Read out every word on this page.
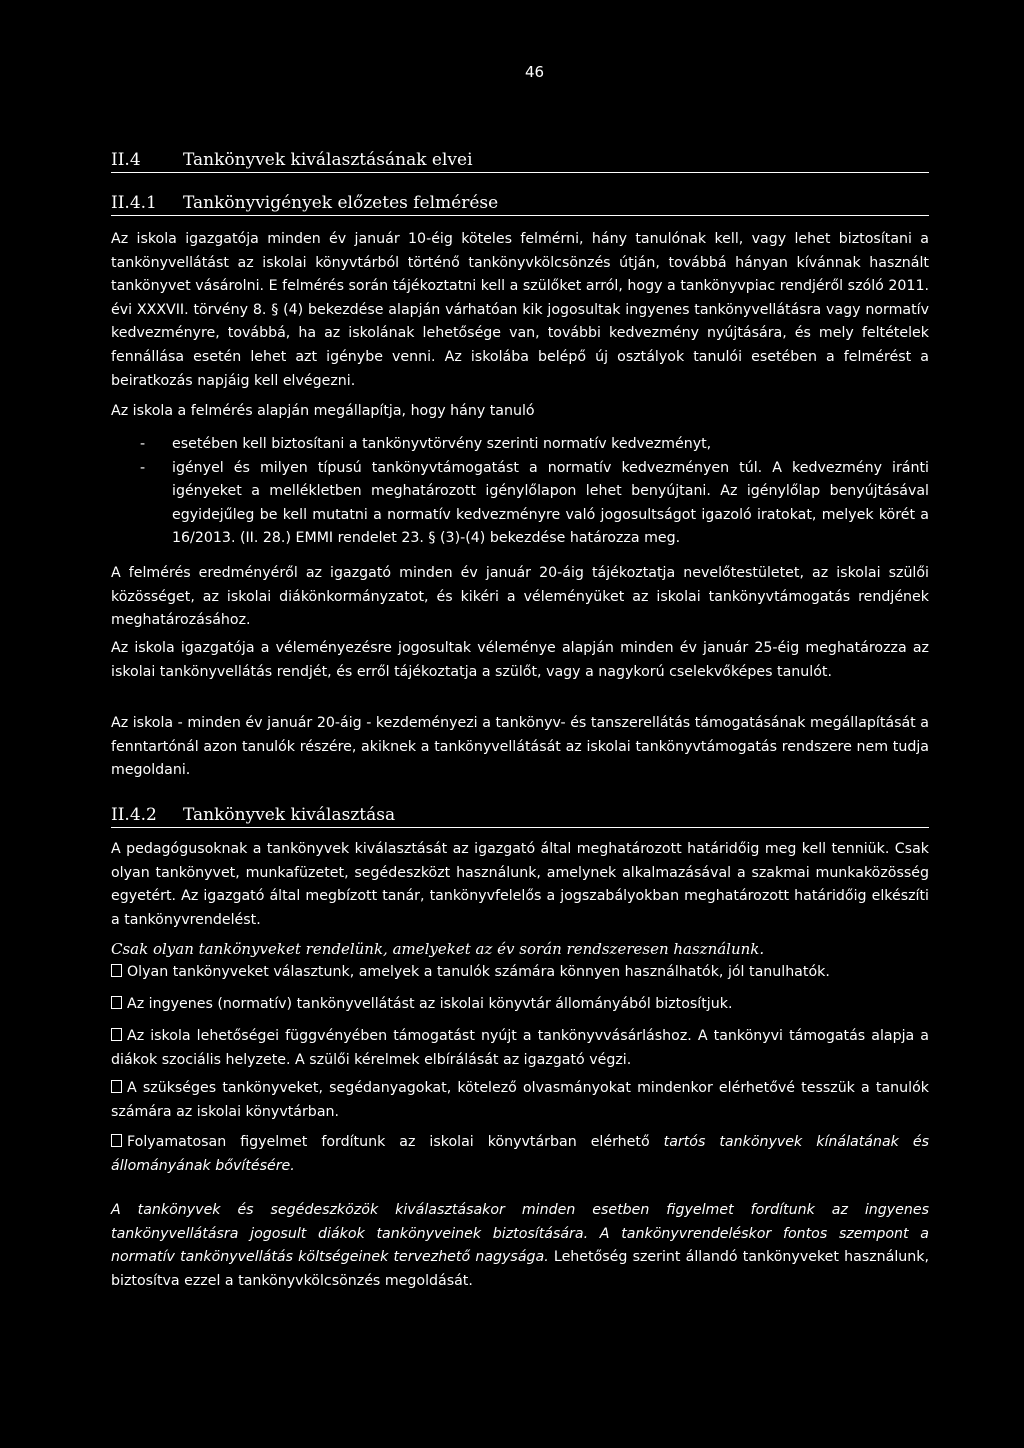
46
II.4 Tankönyvek kiválasztásának elvei
II.4.1 Tankönyvigények előzetes felmérése

Az iskola igazgatója minden év január 10-éig köteles felmérni, hány tanulónak kell, vagy lehet biztosítani a tankönyvellátást az iskolai könyvtárból történő tankönyvkölcsönzés útján, továbbá hányan kívánnak használt tankönyvet vásárolni. E felmérés során tájékoztatni kell a szülőket arról, hogy a tankönyvpiac rendjéről szóló 2011. évi XXXVII. törvény 8. § (4) bekezdése alapján várhatóan kik jogosultak ingyenes tankönyvellátásra vagy normatív kedvezményre, továbbá, ha az iskolának lehetősége van, további kedvezmény nyújtására, és mely feltételek fennállása esetén lehet azt igénybe venni. Az iskolába belépő új osztályok tanulói esetében a felmérést a beiratkozás napjáig kell elvégezni.

Az iskola a felmérés alapján megállapítja, hogy hány tanuló

- esetében kell biztosítani a tankönyvtörvény szerinti normatív kedvezményt,
- igényel és milyen típusú tankönyvtámogatást a normatív kedvezményen túl. A kedvezmény iránti igényeket a mellékletben meghatározott igénylőlapon lehet benyújtani. Az igénylőlap benyújtásával egyidejűleg be kell mutatni a normatív kedvezményre való jogosultságot igazoló iratokat, melyek körét a 16/2013. (II. 28.) EMMI rendelet 23. § (3)-(4) bekezdése határozza meg.

A felmérés eredményéről az igazgató minden év január 20-áig tájékoztatja nevelőtestületet, az iskolai szülői közösséget, az iskolai diákönkormányzatot, és kikéri a véleményüket az iskolai tankönyvtámogatás rendjének meghatározásához.

Az iskola igazgatója a véleményezésre jogosultak véleménye alapján minden év január 25-éig meghatározza az iskolai tankönyvellátás rendjét, és erről tájékoztatja a szülőt, vagy a nagykorú cselekvőképes tanulót.

Az iskola - minden év január 20-áig - kezdeményezi a tankönyv- és tanszerellátás támogatásának megállapítását a fenntartónál azon tanulók részére, akiknek a tankönyvellátását az iskolai tankönyvtámogatás rendszere nem tudja megoldani.

II.4.2 Tankönyvek kiválasztása

A pedagógusoknak a tankönyvek kiválasztását az igazgató által meghatározott határidőig meg kell tenniük. Csak olyan tankönyvet, munkafüzetet, segédeszközt használunk, amelynek alkalmazásával a szakmai munkaközösség egyetért. Az igazgató által megbízott tanár, tankönyvfelelős a jogszabályokban meghatározott határidőig elkészíti a tankönyvrendelést.

Csak olyan tankönyveket rendelünk, amelyeket az év során rendszeresen használunk.

Olyan tankönyveket választunk, amelyek a tanulók számára könnyen használhatók, jól tanulhatók.

Az ingyenes (normatív) tankönyvellátást az iskolai könyvtár állományából biztosítjuk.

Az iskola lehetőségei függvényében támogatást nyújt a tankönyvvásárláshoz. A tankönyvi támogatás alapja a diákok szociális helyzete. A szülői kérelmek elbírálását az igazgató végzi.

A szükséges tankönyveket, segédanyagokat, kötelező olvasmányokat mindenkor elérhetővé tesszük a tanulók számára az iskolai könyvtárban.

Folyamatosan figyelmet fordítunk az iskolai könyvtárban elérhető tartós tankönyvek kínálatának és állományának bővítésére.

A tankönyvek és segédeszközök kiválasztásakor minden esetben figyelmet fordítunk az ingyenes tankönyvellátásra jogosult diákok tankönyveinek biztosítására. A tankönyvrendeléskor fontos szempont a normatív tankönyvellátás költségeinek tervezhető nagysága. Lehetőség szerint állandó tankönyveket használunk, biztosítva ezzel a tankönyvkölcsönzés megoldását.
